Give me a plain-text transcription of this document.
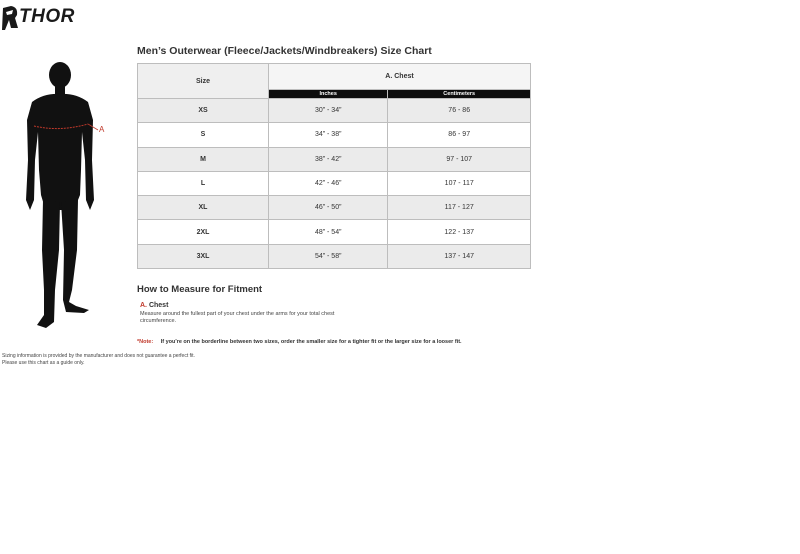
THOR
A
Men’s Outerwear (Fleece/Jackets/Windbreakers) Size Chart
Size	A. Chest	
	Inches	Centimeters
XS	30” - 34”	76 - 86
S	34” - 38”	86 - 97
M	38” - 42”	97 - 107
L	42” - 46”	107 - 117
XL	46” - 50”	117 - 127
2XL	48” - 54”	122 - 137
3XL	54” - 58”	137 - 147
How to Measure for Fitment
A. Chest
Measure around the fullest part of your chest under the arms for your total chest circumference.
*Note: If you're on the borderline between two sizes, order the smaller size for a tighter fit or the larger size for a looser fit.
Sizing information is provided by the manufacturer and does not guarantee a perfect fit.
Please use this chart as a guide only.
